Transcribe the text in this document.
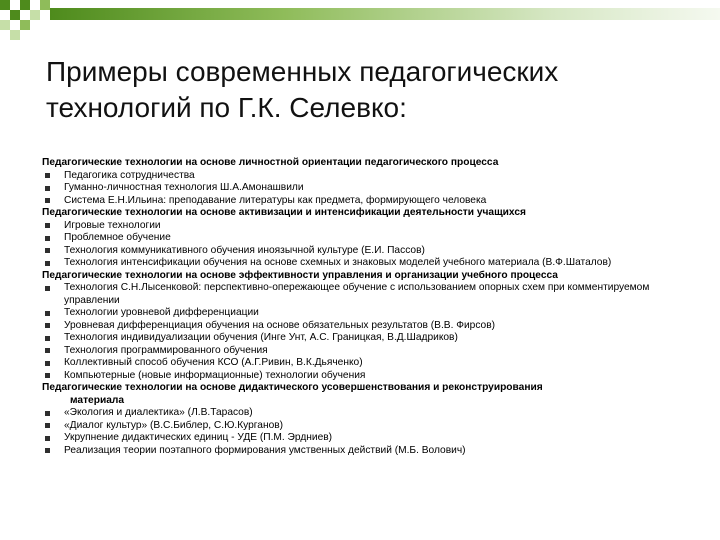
Примеры современных педагогических технологий по Г.К. Селевко:
Педагогические технологии на основе личностной ориентации педагогического процесса
Педагогика сотрудничества
Гуманно-личностная технология Ш.А.Амонашвили
Система Е.Н.Ильина: преподавание литературы как предмета, формирующего человека
Педагогические технологии на основе активизации и интенсификации деятельности учащихся
Игровые технологии
Проблемное обучение
Технология коммуникативного обучения иноязычной культуре (Е.И. Пассов)
Технология интенсификации обучения на основе схемных и знаковых моделей учебного материала (В.Ф.Шаталов)
Педагогические технологии на основе эффективности управления и организации учебного процесса
Технология С.Н.Лысенковой: перспективно-опережающее обучение с использованием опорных схем при комментируемом управлении
Технологии уровневой дифференциации
Уровневая дифференциация обучения на основе обязательных результатов (В.В. Фирсов)
Технология индивидуализации обучения (Инге Унт, А.С. Границкая, В.Д.Шадриков)
Технология программированного обучения
Коллективный способ обучения КСО (А.Г.Ривин, В.К.Дьяченко)
Компьютерные (новые информационные) технологии обучения
Педагогические технологии на основе дидактического усовершенствования и реконструирования
материала
«Экология и диалектика» (Л.В.Тарасов)
«Диалог культур» (В.С.Библер, С.Ю.Курганов)
Укрупнение дидактических единиц - УДЕ (П.М. Эрдниев)
Реализация теории поэтапного формирования умственных действий (М.Б. Волович)
